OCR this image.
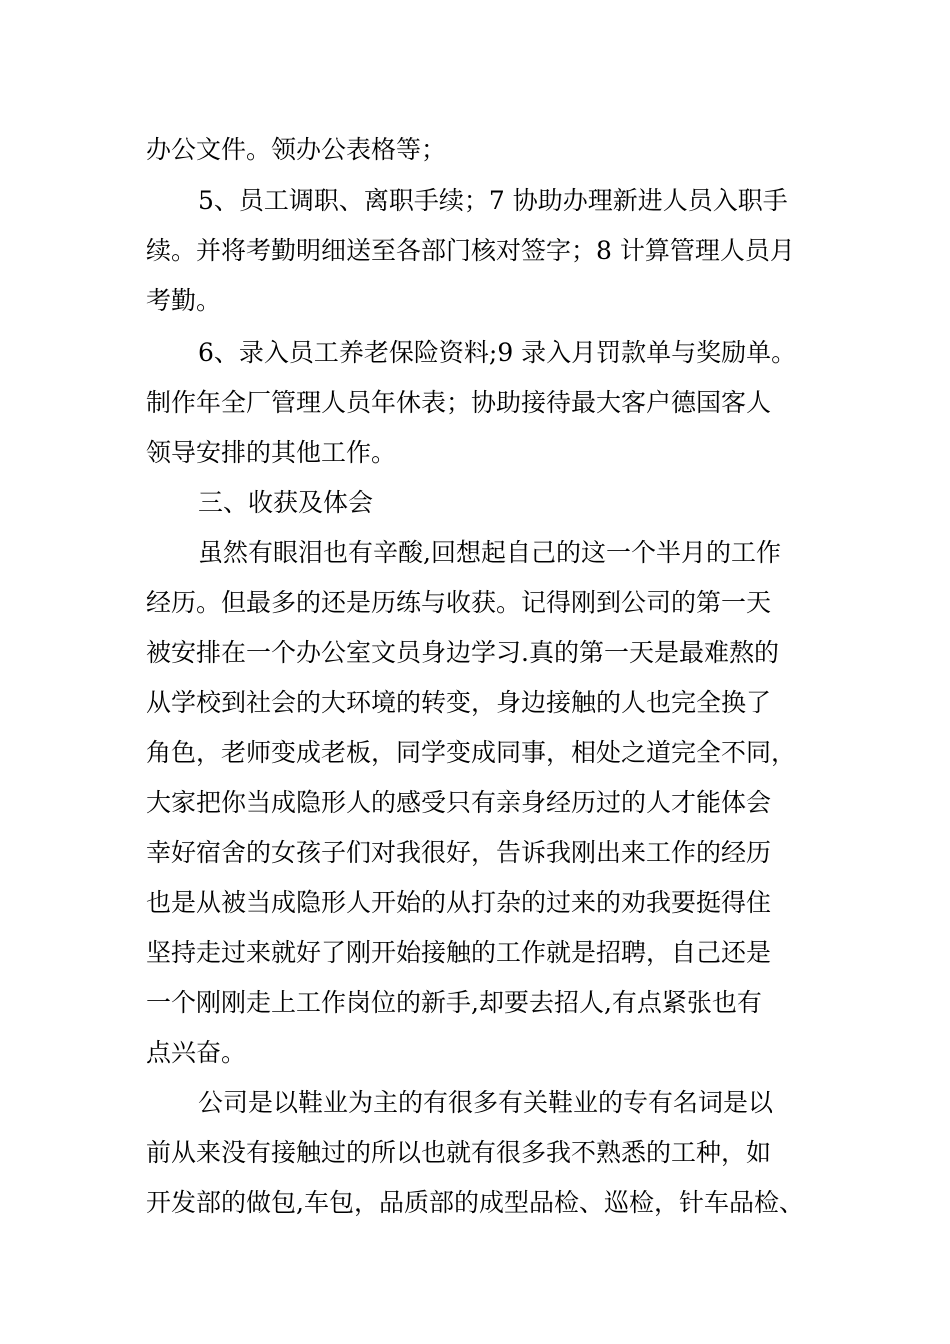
办公文件。领办公表格等；
5、员工调职、离职手续；7 协助办理新进人员入职手
续。并将考勤明细送至各部门核对签字；8 计算管理人员月
考勤。
6、录入员工养老保险资料;9 录入月罚款单与奖励单。
制作年全厂管理人员年休表；协助接待最大客户德国客人
领导安排的其他工作。
三、收获及体会
虽然有眼泪也有辛酸,回想起自己的这一个半月的工作
经历。但最多的还是历练与收获。记得刚到公司的第一天
被安排在一个办公室文员身边学习.真的第一天是最难熬的
从学校到社会的大环境的转变，身边接触的人也完全换了
角色，老师变成老板，同学变成同事，相处之道完全不同，
大家把你当成隐形人的感受只有亲身经历过的人才能体会
幸好宿舍的女孩子们对我很好，告诉我刚出来工作的经历
也是从被当成隐形人开始的从打杂的过来的劝我要挺得住
坚持走过来就好了刚开始接触的工作就是招聘，自己还是
一个刚刚走上工作岗位的新手,却要去招人,有点紧张也有
点兴奋。
公司是以鞋业为主的有很多有关鞋业的专有名词是以
前从来没有接触过的所以也就有很多我不熟悉的工种，如
开发部的做包,车包，品质部的成型品检、巡检，针车品检、
